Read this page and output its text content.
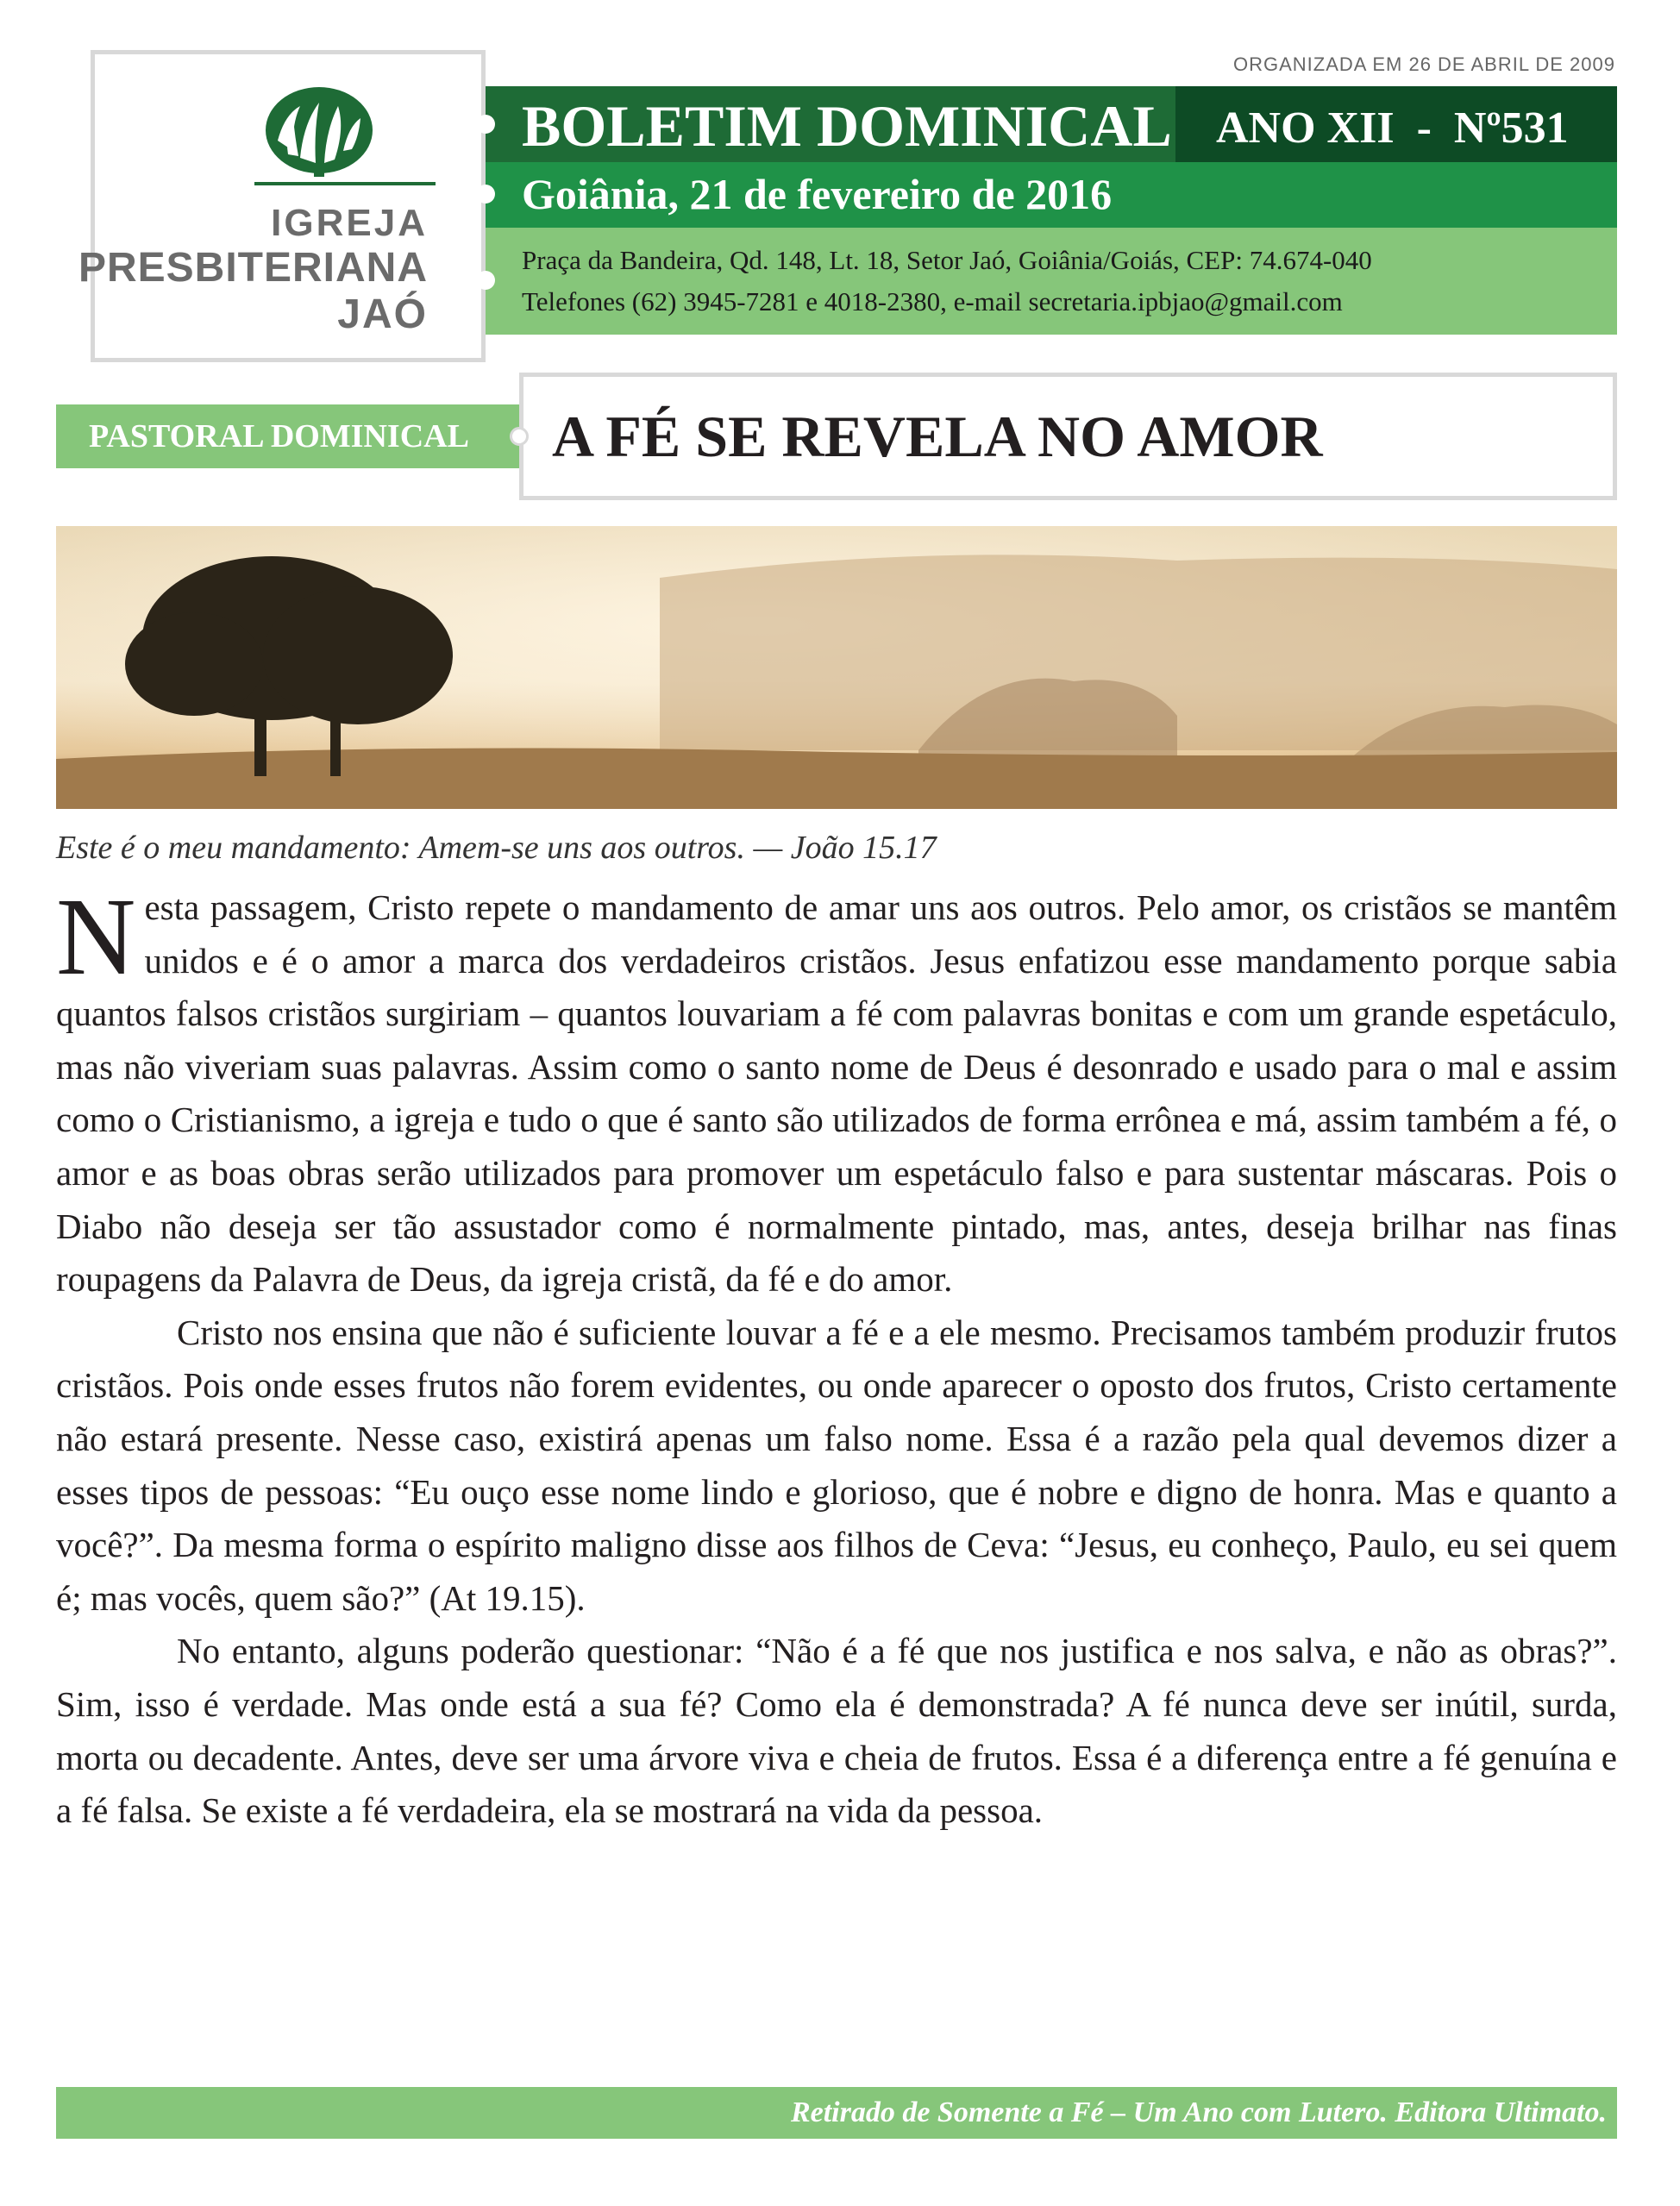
IGREJA
PRESBITERIANA
JAÓ
ORGANIZADA EM 26 DE ABRIL DE 2009
BOLETIM DOMINICAL ANO XII  -  Nº531
Goiânia, 21 de fevereiro de 2016
Praça da Bandeira, Qd. 148, Lt. 18, Setor Jaó, Goiânia/Goiás, CEP: 74.674-040
Telefones (62) 3945-7281 e 4018-2380, e-mail secretaria.ipbjao@gmail.com
PASTORAL DOMINICAL A FÉ SE REVELA NO AMOR
Este é o meu mandamento: Amem-se uns aos outros. — João 15.17

Nesta passagem, Cristo repete o mandamento de amar uns aos outros. Pelo amor, os cristãos se mantêm unidos e é o amor a marca dos verdadeiros cristãos. Jesus enfatizou esse mandamento porque sabia quantos falsos cristãos surgiriam – quantos louvariam a fé com palavras bonitas e com um grande espetáculo, mas não viveriam suas palavras. Assim como o santo nome de Deus é desonrado e usado para o mal e assim como o Cristianismo, a igreja e tudo o que é santo são utilizados de forma errônea e má, assim também a fé, o amor e as boas obras serão utilizados para promover um espetáculo falso e para sustentar máscaras. Pois o Diabo não deseja ser tão assustador como é normalmente pintado, mas, antes, deseja brilhar nas finas roupagens da Palavra de Deus, da igreja cristã, da fé e do amor.

Cristo nos ensina que não é suficiente louvar a fé e a ele mesmo. Precisamos também produzir frutos cristãos. Pois onde esses frutos não forem evidentes, ou onde aparecer o oposto dos frutos, Cristo certamente não estará presente. Nesse caso, existirá apenas um falso nome. Essa é a razão pela qual devemos dizer a esses tipos de pessoas: “Eu ouço esse nome lindo e glorioso, que é nobre e digno de honra. Mas e quanto a você?”. Da mesma forma o espírito maligno disse aos filhos de Ceva: “Jesus, eu conheço, Paulo, eu sei quem é; mas vocês, quem são?” (At 19.15).

No entanto, alguns poderão questionar: “Não é a fé que nos justifica e nos salva, e não as obras?”. Sim, isso é verdade. Mas onde está a sua fé? Como ela é demonstrada? A fé nunca deve ser inútil, surda, morta ou decadente. Antes, deve ser uma árvore viva e cheia de frutos. Essa é a diferença entre a fé genuína e a fé falsa. Se existe a fé verdadeira, ela se mostrará na vida da pessoa.

Retirado de Somente a Fé – Um Ano com Lutero. Editora Ultimato.
